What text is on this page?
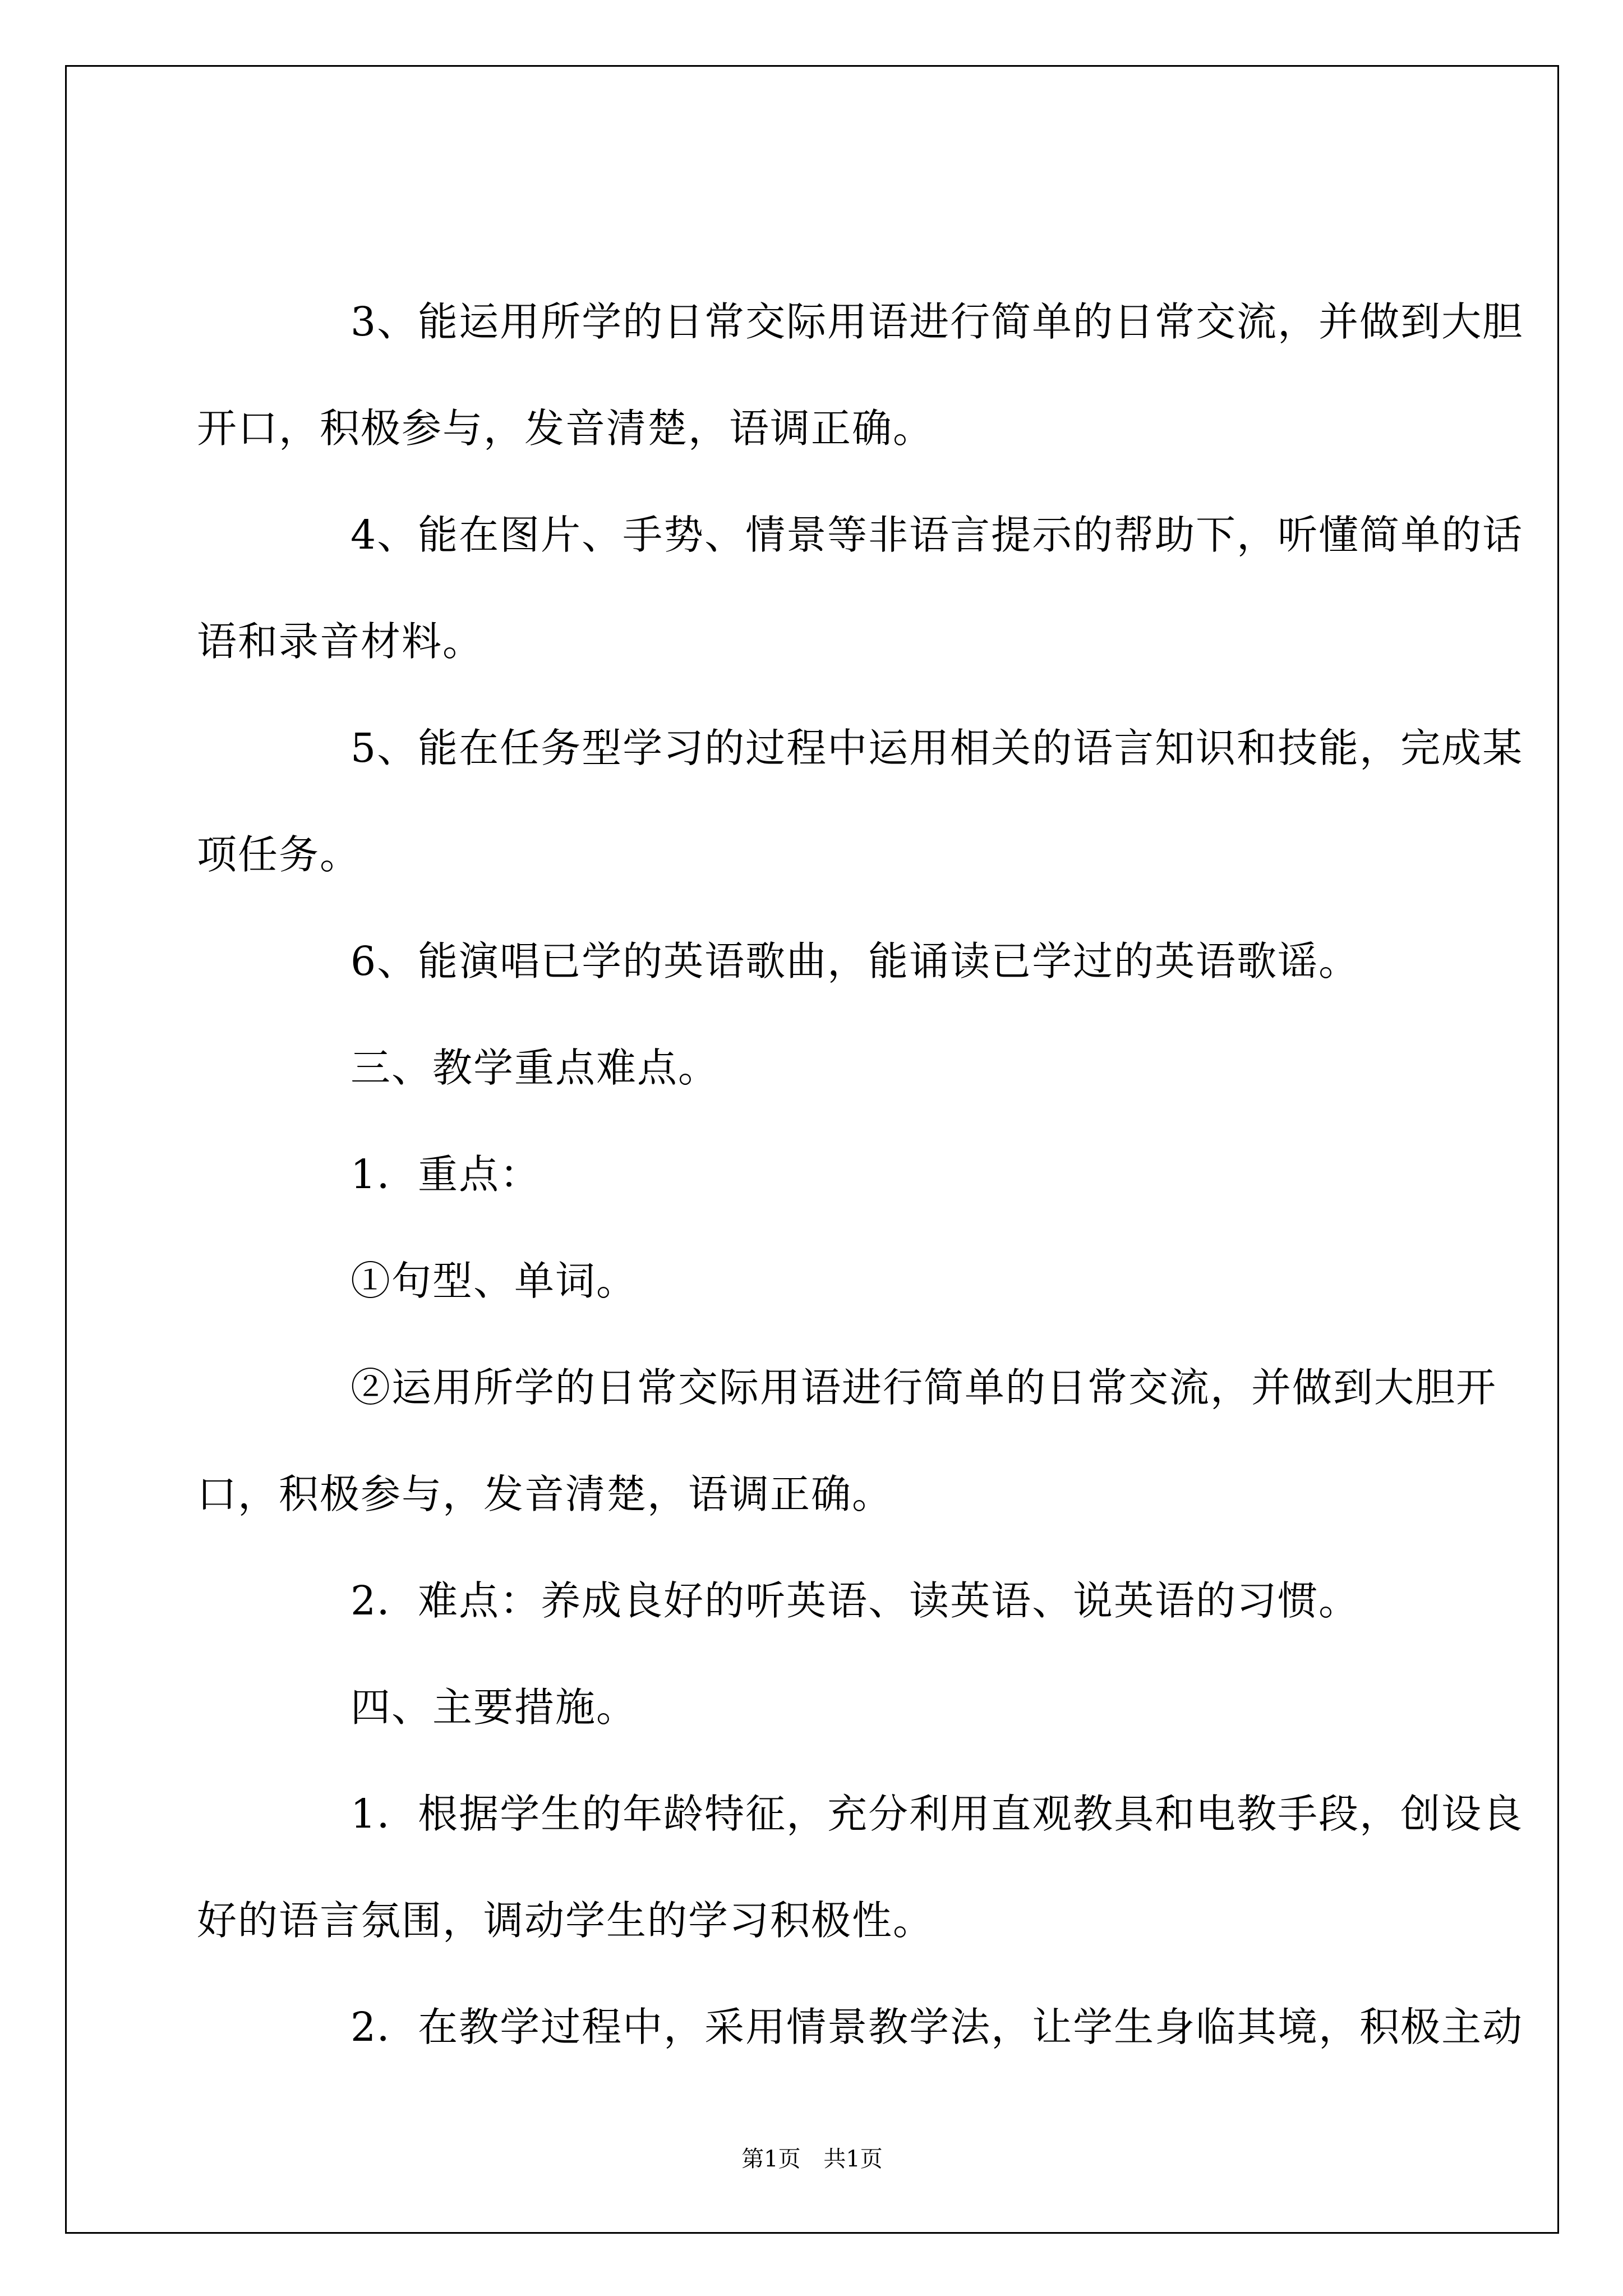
3、能运用所学的日常交际用语进行简单的日常交流，并做到大胆
开口，积极参与，发音清楚，语调正确。

4、能在图片、手势、情景等非语言提示的帮助下，听懂简单的话
语和录音材料。

5、能在任务型学习的过程中运用相关的语言知识和技能，完成某
项任务。

6、能演唱已学的英语歌曲，能诵读已学过的英语歌谣。

三、教学重点难点。

1．重点：

①句型、单词。

②运用所学的日常交际用语进行简单的日常交流，并做到大胆开
口，积极参与，发音清楚，语调正确。

2．难点：养成良好的听英语、读英语、说英语的习惯。

四、主要措施。

1．根据学生的年龄特征，充分利用直观教具和电教手段，创设良
好的语言氛围，调动学生的学习积极性。

2．在教学过程中，采用情景教学法，让学生身临其境，积极主动

第1页 共1页
